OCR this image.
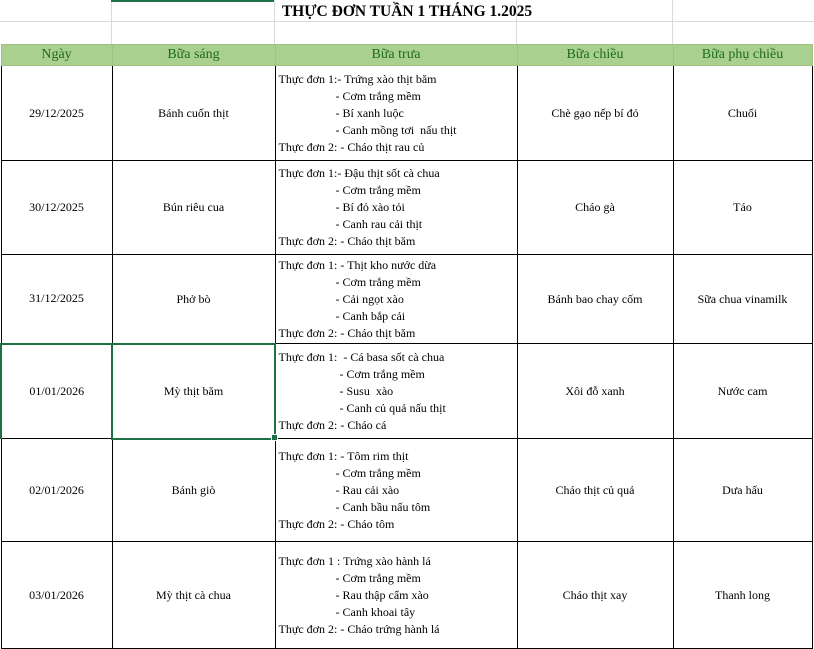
THỰC ĐƠN TUẦN 1 THÁNG 1.2025
Ngày	Bữa sáng	Bữa trưa	Bữa chiều	Bữa phụ chiều
29/12/2025	Bánh cuốn thịt	Thực đơn 1:- Trứng xào thịt băm
- Cơm trắng mềm
- Bí xanh luộc
- Canh mồng tơi  nấu thịt
Thực đơn 2: - Cháo thịt rau củ	Chè gạo nếp bí đỏ	Chuối
30/12/2025	Bún riêu cua	Thực đơn 1:- Đậu thịt sốt cà chua
- Cơm trắng mềm
- Bí đỏ xào tỏi
- Canh rau cải thịt
Thực đơn 2: - Cháo thịt băm	Cháo gà	Táo
31/12/2025	Phở bò	Thực đơn 1: - Thịt kho nước dừa
- Cơm trắng mềm
- Cải ngọt xào
- Canh bắp cải
Thực đơn 2: - Cháo thịt băm	Bánh bao chay cốm	Sữa chua vinamilk
01/01/2026	Mỳ thịt băm	Thực đơn 1:  - Cá basa sốt cà chua
- Cơm trắng mềm
- Susu  xào
- Canh củ quả nấu thịt
Thực đơn 2: - Cháo cá	Xôi đỗ xanh	Nước cam
02/01/2026	Bánh giò	Thực đơn 1: - Tôm rim thịt
- Cơm trắng mềm
- Rau cải xào
- Canh bầu nấu tôm
Thực đơn 2: - Cháo tôm	Cháo thịt củ quả	Dưa hấu
03/01/2026	Mỳ thịt cà chua	Thực đơn 1 : Trứng xào hành lá
- Cơm trắng mềm
- Rau thập cẩm xào
- Canh khoai tây
Thực đơn 2: - Cháo trứng hành lá	Cháo thịt xay	Thanh long
